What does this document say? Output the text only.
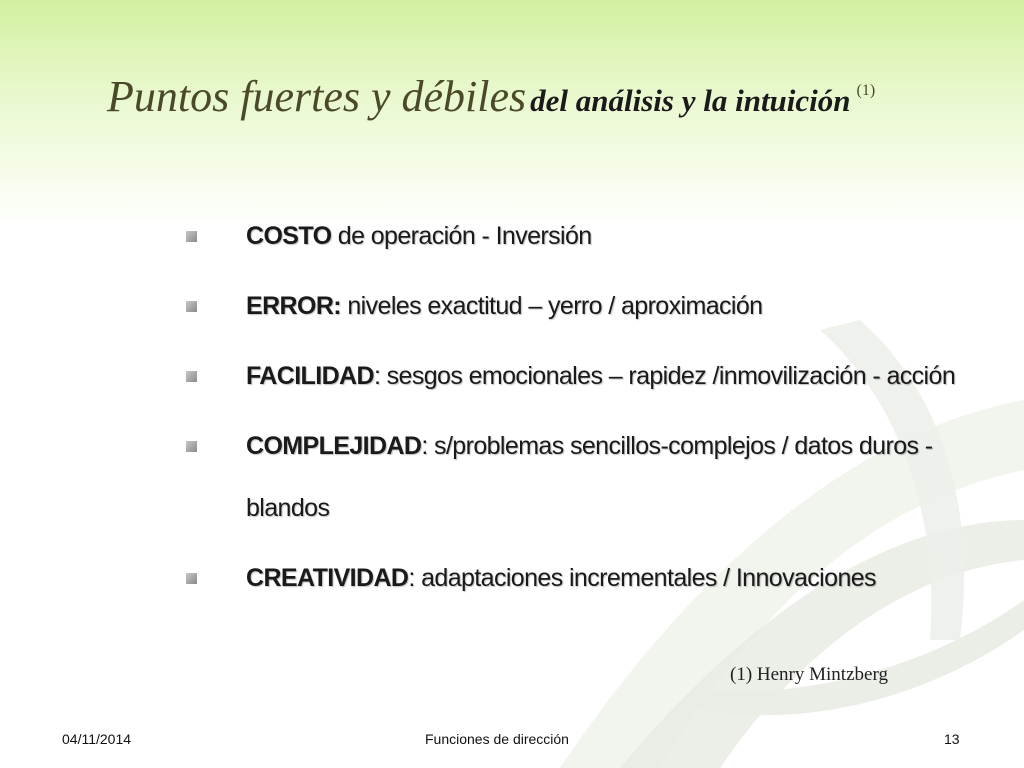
Puntos fuertes y débiles del análisis y la intuición (1)
COSTO de operación - Inversión
ERROR: niveles exactitud – yerro / aproximación
FACILIDAD: sesgos emocionales – rapidez /inmovilización - acción
COMPLEJIDAD: s/problemas sencillos-complejos / datos duros - blandos
CREATIVIDAD: adaptaciones incrementales / Innovaciones
(1) Henry Mintzberg
04/11/2014	Funciones de dirección	13
